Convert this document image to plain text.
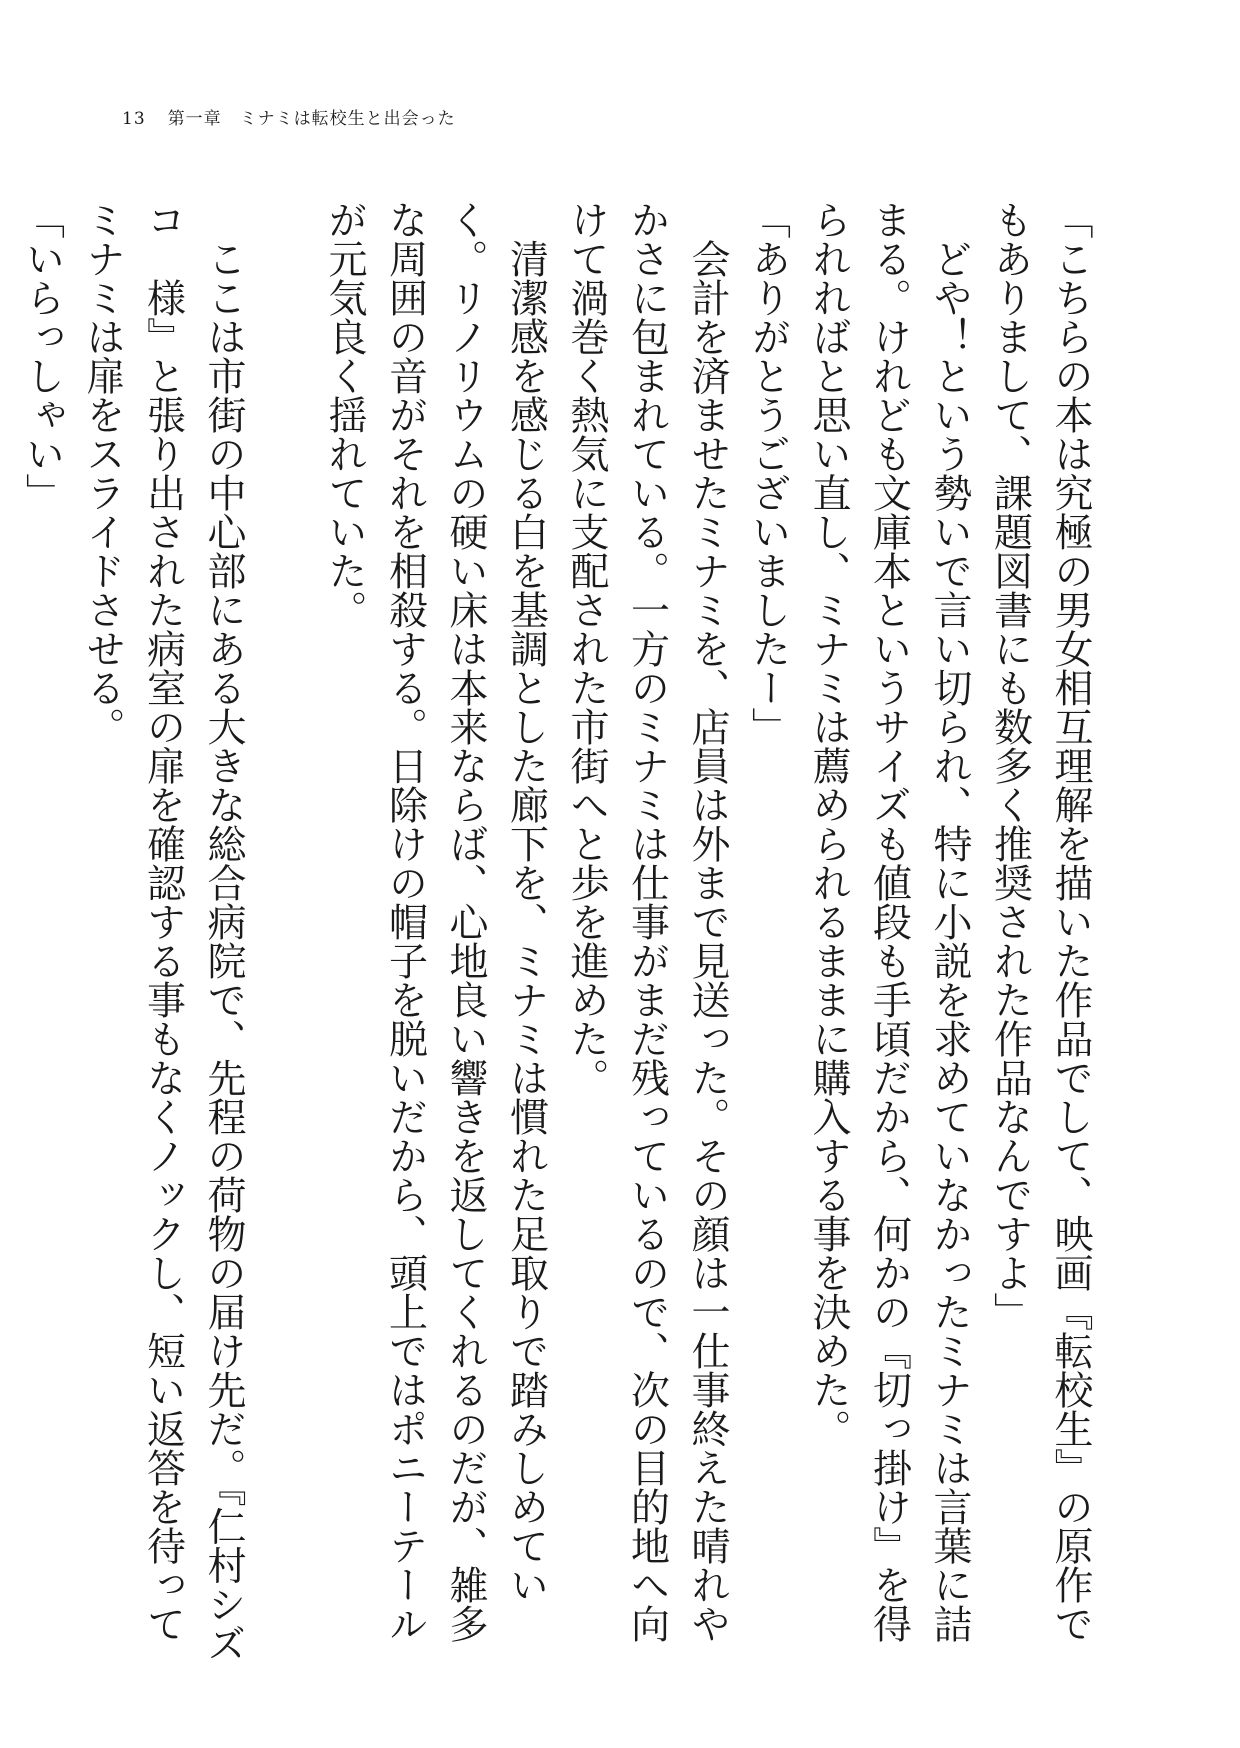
13 第一章　ミナミは転校生と出会った

「こちらの本は究極の男女相互理解を描いた作品でして、映画『転校生』の原作でもありまして、課題図書にも数多く推奨された作品なんですよ」

どや！という勢いで言い切られ、特に小説を求めていなかったミナミは言葉に詰まる。けれども文庫本というサイズも値段も手頃だから、何かの『切っ掛け』を得られればと思い直し、ミナミは薦められるままに購入する事を決めた。

「ありがとうございましたー」

会計を済ませたミナミを、店員は外まで見送った。その顔は一仕事終えた晴れやかさに包まれている。一方のミナミは仕事がまだ残っているので、次の目的地へ向けて渦巻く熱気に支配された市街へと歩を進めた。

清潔感を感じる白を基調とした廊下を、ミナミは慣れた足取りで踏みしめていく。リノリウムの硬い床は本来ならば、心地良い響きを返してくれるのだが、雑多な周囲の音がそれを相殺する。日除けの帽子を脱いだから、頭上ではポニーテールが元気良く揺れていた。

ここは市街の中心部にある大きな総合病院で、先程の荷物の届け先だ。『仁村シズコ　様』と張り出された病室の扉を確認する事もなくノックし、短い返答を待ってミナミは扉をスライドさせる。

「いらっしゃい」
